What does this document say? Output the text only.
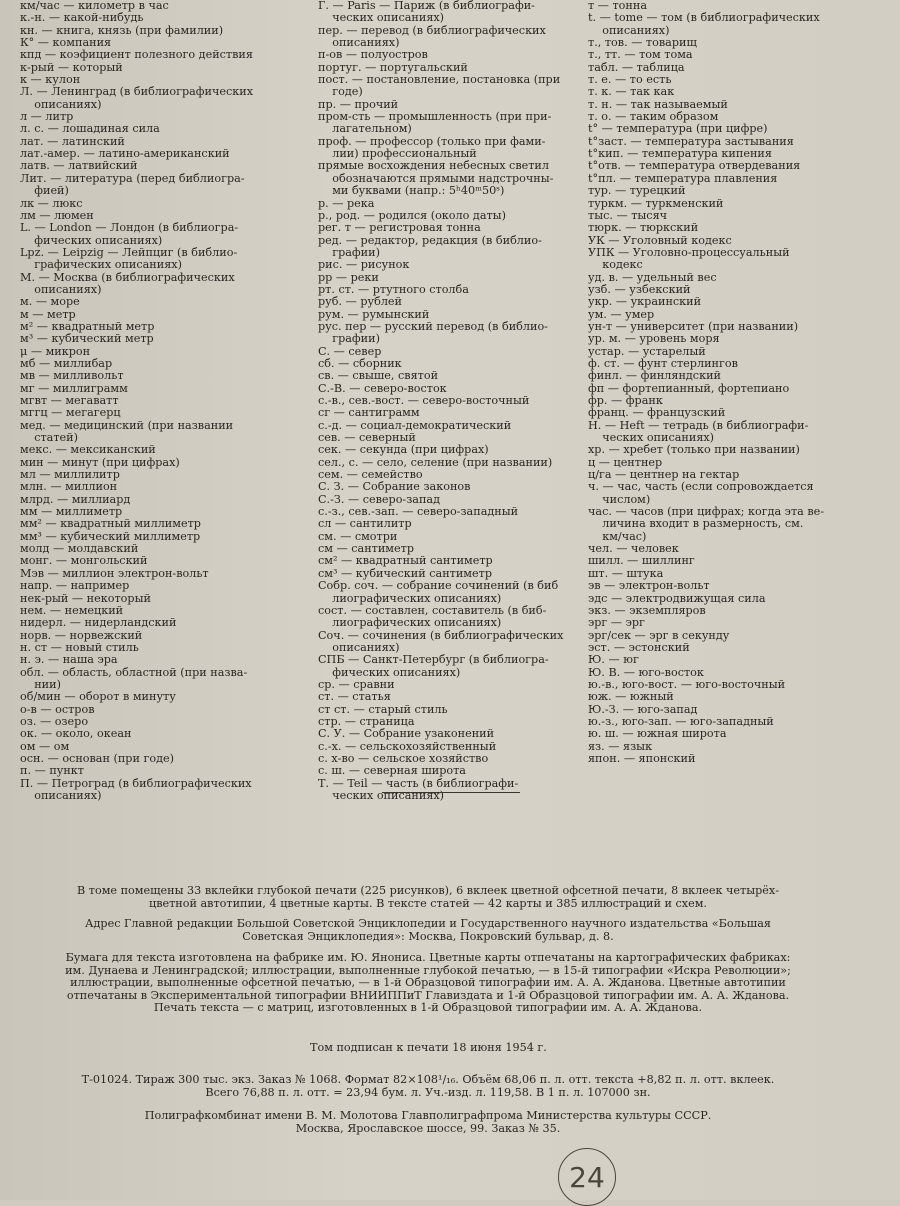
км/час — километр в час
к.-н. — какой-нибудь
кн. — книга, князь (при фамилии)
К° — компания
кпд — коэфициент полезного действия
к-рый — который
к — кулон
Л. — Ленинград (в библиографических
описаниях)
л — литр
л. с. — лошадиная сила
лат. — латинский
лат.-амер. — латино-американский
латв. — латвийский
Лит. — литература (перед библиогра-
фией)
лк — люкс
лм — люмен
L. — London — Лондон (в библиогра-
фических описаниях)
Lpz. — Leipzig — Лейпциг (в библио-
графических описаниях)
М. — Москва (в библиографических
описаниях)
м. — море
м — метр
м² — квадратный метр
м³ — кубический метр
μ — микрон
мб — миллибар
мв — милливольт
мг — миллиграмм
мгвт — мегаватт
мггц — мегагерц
мед. — медицинский (при названии
статей)
мекс. — мексиканский
мин — минут (при цифрах)
мл — миллилитр
млн. — миллион
млрд. — миллиард
мм — миллиметр
мм² — квадратный миллиметр
мм³ — кубический миллиметр
молд — молдавский
монг. — монгольский
Мэв — миллион электрон-вольт
напр. — например
нек-рый — некоторый
нем. — немецкий
нидерл. — нидерландский
норв. — норвежский
н. ст — новый стиль
н. э. — наша эра
обл. — область, областной (при назва-
нии)
об/мин — оборот в минуту
о-в — остров
оз. — озеро
ок. — около, океан
ом — ом
осн. — основан (при годе)
п. — пункт
П. — Петроград (в библиографических
описаниях)
Г. — Paris — Париж (в библиографи-
ческих описаниях)
пер. — перевод (в библиографических
описаниях)
п-ов — полуостров
португ. — португальский
пост. — постановление, постановка (при
годе)
пр. — прочий
пром-сть — промышленность (при при-
лагательном)
проф. — профессор (только при фами-
лии) профессиональный
прямые восхождения небесных светил
обозначаются прямыми надстрочны-
ми буквами (напр.: 5ʰ40ᵐ50ˢ)
р. — река
р., род. — родился (около даты)
рег. т — регистровая тонна
ред. — редактор, редакция (в библио-
графии)
рис. — рисунок
рр — реки
рт. ст. — ртутного столба
руб. — рублей
рум. — румынский
рус. пер — русский перевод (в библио-
графии)
С. — север
сб. — сборник
св. — свыше, святой
С.-В. — северо-восток
с.-в., сев.-вост. — северо-восточный
сг — сантиграмм
с.-д. — социал-демократический
сев. — северный
сек. — секунда (при цифрах)
сел., с. — село, селение (при названии)
сем. — семейство
С. З. — Собрание законов
С.-З. — северо-запад
с.-з., сев.-зап. — северо-западный
сл — сантилитр
см. — смотри
см — сантиметр
см² — квадратный сантиметр
см³ — кубический сантиметр
Собр. соч. — собрание сочинений (в биб
лиографических описаниях)
сост. — составлен, составитель (в биб-
лиографических описаниях)
Соч. — сочинения (в библиографических
описаниях)
СПБ — Санкт-Петербург (в библиогра-
фических описаниях)
ср. — сравни
ст. — статья
ст ст. — старый стиль
стр. — страница
С. У. — Собрание узаконений
с.-х. — сельскохозяйственный
с. х-во — сельское хозяйство
с. ш. — северная широта
Т. — Teil — часть (в библиографи-
ческих описаниях)
т — тонна
t. — tome — том (в библиографических
описаниях)
т., тов. — товарищ
т., тт. — том тома
табл. — таблица
т. е. — то есть
т. к. — так как
т. н. — так называемый
т. о. — таким образом
t° — температура (при цифре)
t°заст. — температура застывания
t°кип. — температура кипения
t°отв. — температура отвердевания
t°пл. — температура плавления
тур. — турецкий
туркм. — туркменский
тыс. — тысяч
тюрк. — тюркский
УК — Уголовный кодекс
УПК — Уголовно-процессуальный
кодекс
уд. в. — удельный вес
узб. — узбекский
укр. — украинский
ум. — умер
ун-т — университет (при названии)
ур. м. — уровень моря
устар. — устарелый
ф. ст. — фунт стерлингов
финл. — финляндский
фп — фортепианный, фортепиано
фр. — франк
франц. — французский
Н. — Heft — тетрадь (в библиографи-
ческих описаниях)
хр. — хребет (только при названии)
ц — центнер
ц/га — центнер на гектар
ч. — час, часть (если сопровождается
числом)
час. — часов (при цифрах; когда эта ве-
личина входит в размерность, см.
км/час)
чел. — человек
шилл. — шиллинг
шт. — штука
эв — электрон-вольт
эдс — электродвижущая сила
экз. — экземпляров
эрг — эрг
эрг/сек — эрг в секунду
эст. — эстонский
Ю. — юг
Ю. В. — юго-восток
ю.-в., юго-вост. — юго-восточный
юж. — южный
Ю.-З. — юго-запад
ю.-з., юго-зап. — юго-западный
ю. ш. — южная широта
яз. — язык
япон. — японский
В томе помещены 33 вклейки глубокой печати (225 рисунков), 6 вклеек цветной офсетной печати, 8 вклеек четырёх-
цветной автотипии, 4 цветные карты. В тексте статей — 42 карты и 385 иллюстраций и схем.
Адрес Главной редакции Большой Советской Энциклопедии и Государственного научного издательства «Большая
Советская Энциклопедия»: Москва, Покровский бульвар, д. 8.
Бумага для текста изготовлена на фабрике им. Ю. Янониса. Цветные карты отпечатаны на картографических фабриках:
им. Дунаева и Ленинградской; иллюстрации, выполненные глубокой печатью, — в 15-й типографии «Искра Революции»;
иллюстрации, выполненные офсетной печатью, — в 1-й Образцовой типографии им. А. А. Жданова. Цветные автотипии
отпечатаны в Экспериментальной типографии ВНИИППиТ Главиздата и 1-й Образцовой типографии им. А. А. Жданова.
Печать текста — с матриц, изготовленных в 1-й Образцовой типографии им. А. А. Жданова.
Том подписан к печати 18 июня 1954 г.
Т-01024. Тираж 300 тыс. экз. Заказ № 1068. Формат 82×108¹/₁₆. Объём 68,06 п. л. отт. текста +8,82 п. л. отт. вклеек.
Всего 76,88 п. л. отт. = 23,94 бум. л. Уч.-изд. л. 119,58. В 1 п. л. 107000 зн.
Полиграфкомбинат имени В. М. Молотова Главполиграфпрома Министерства культуры СССР.
Москва, Ярославское шоссе, 99. Заказ № 35.
24
